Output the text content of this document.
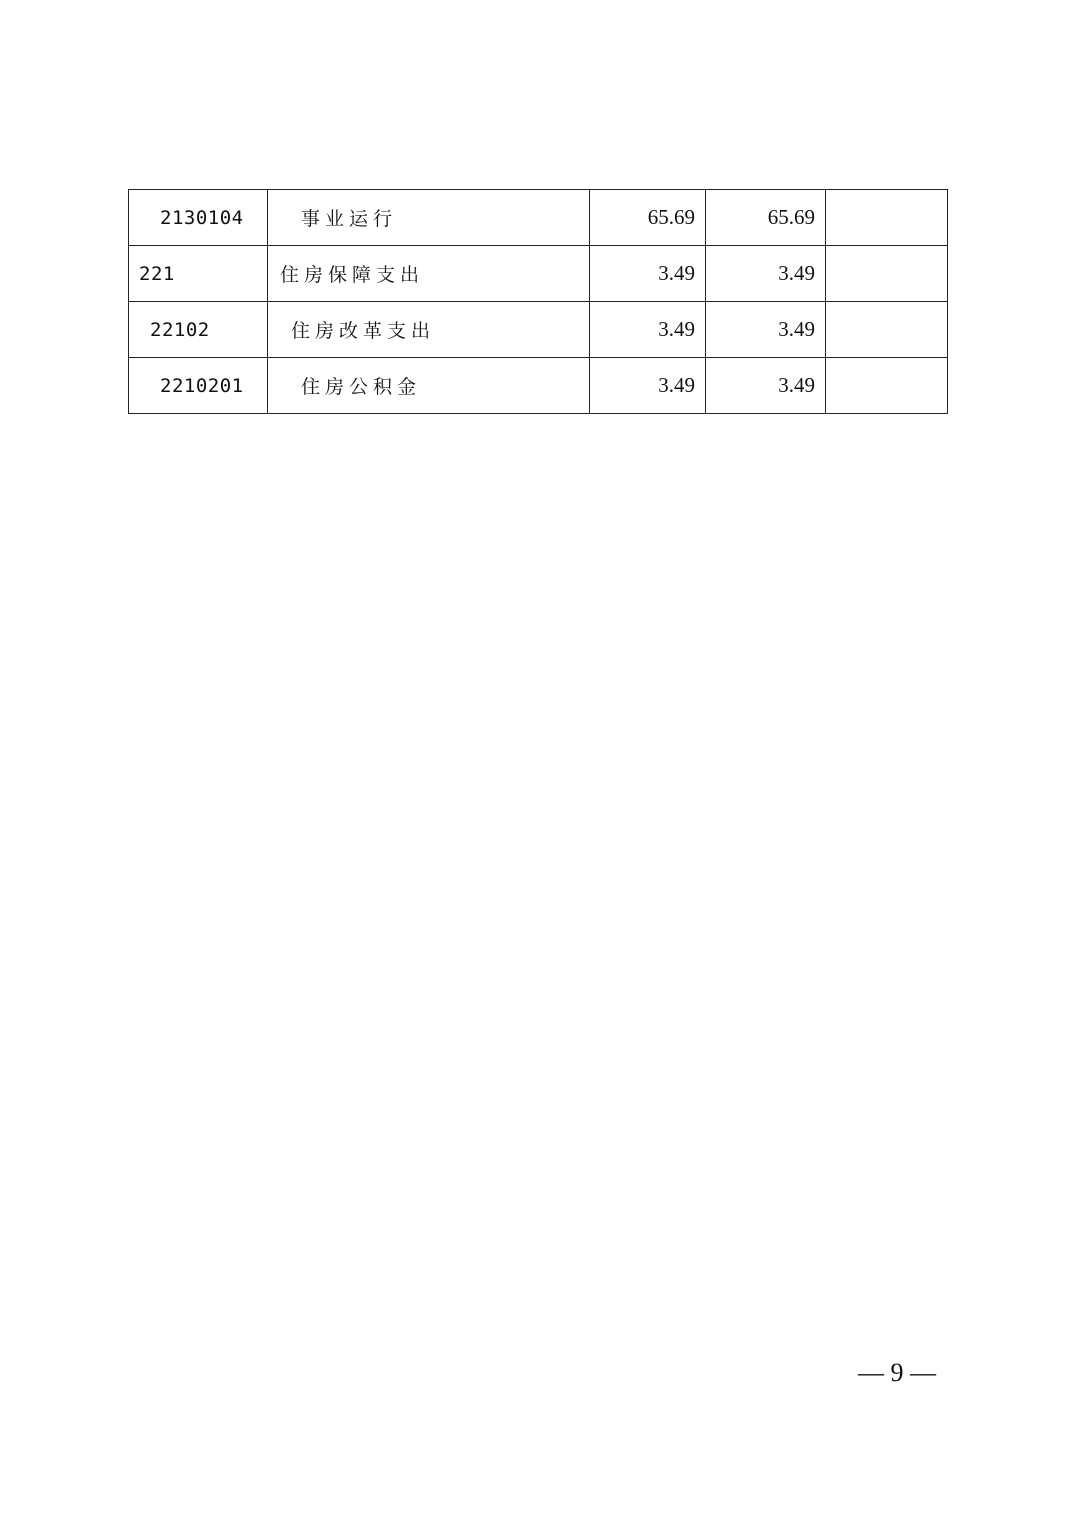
2130104	事业运行	65.69	65.69	
221	住房保障支出	3.49	3.49	
22102	住房改革支出	3.49	3.49	
2210201	住房公积金	3.49	3.49	
— 9 —
